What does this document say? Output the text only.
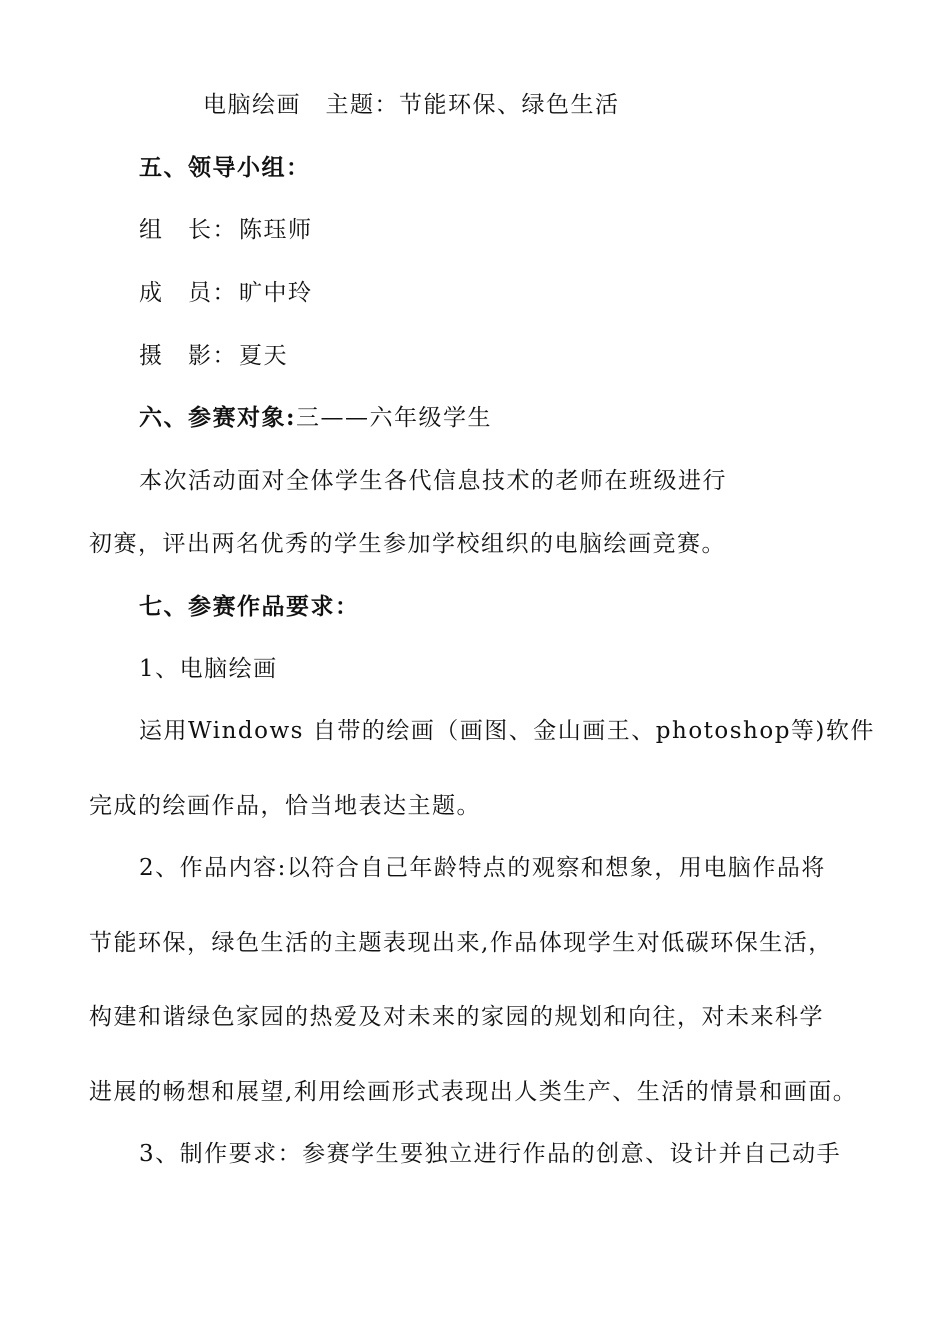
电脑绘画　主题：节能环保、绿色生活
五、领导小组：
组　长：陈珏师
成　员：旷中玲
摄　影：夏天
六、参赛对象:三——六年级学生
本次活动面对全体学生各代信息技术的老师在班级进行
初赛，评出两名优秀的学生参加学校组织的电脑绘画竞赛。
七、参赛作品要求：
1、电脑绘画
运用Windows 自带的绘画（画图、金山画王、photoshop等)软件
完成的绘画作品，恰当地表达主题。
2、作品内容:以符合自己年龄特点的观察和想象，用电脑作品将
节能环保，绿色生活的主题表现出来,作品体现学生对低碳环保生活，
构建和谐绿色家园的热爱及对未来的家园的规划和向往，对未来科学
进展的畅想和展望,利用绘画形式表现出人类生产、生活的情景和画面。
3、制作要求：参赛学生要独立进行作品的创意、设计并自己动手
